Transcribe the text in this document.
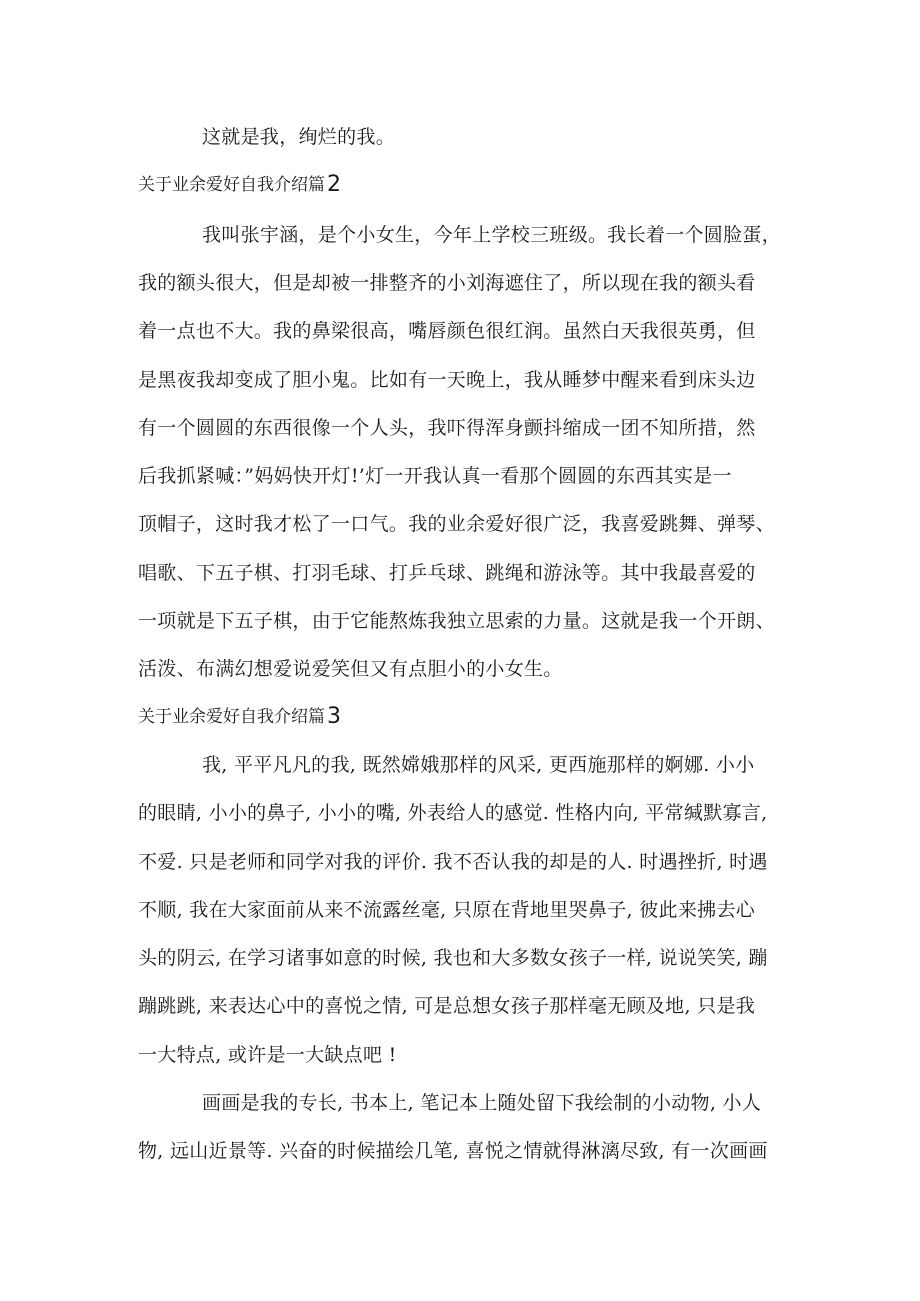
这就是我，绚烂的我。
关于业余爱好自我介绍篇2
我叫张宇涵，是个小女生，今年上学校三班级。我长着一个圆脸蛋，
我的额头很大，但是却被一排整齐的小刘海遮住了，所以现在我的额头看
着一点也不大。我的鼻梁很高，嘴唇颜色很红润。虽然白天我很英勇，但
是黑夜我却变成了胆小鬼。比如有一天晚上，我从睡梦中醒来看到床头边
有一个圆圆的东西很像一个人头，我吓得浑身颤抖缩成一团不知所措，然
后我抓紧喊：”妈妈快开灯!’灯一开我认真一看那个圆圆的东西其实是一
顶帽子，这时我才松了一口气。我的业余爱好很广泛，我喜爱跳舞、弹琴、
唱歌、下五子棋、打羽毛球、打乒乓球、跳绳和游泳等。其中我最喜爱的
一项就是下五子棋，由于它能熬炼我独立思索的力量。这就是我一个开朗、
活泼、布满幻想爱说爱笑但又有点胆小的小女生。
关于业余爱好自我介绍篇3
我, 平平凡凡的我, 既然嫦娥那样的风采, 更西施那样的婀娜. 小小
的眼睛, 小小的鼻子, 小小的嘴, 外表给人的感觉. 性格内向, 平常缄默寡言,
不爱. 只是老师和同学对我的评价. 我不否认我的却是的人. 时遇挫折, 时遇
不顺, 我在大家面前从来不流露丝毫, 只原在背地里哭鼻子, 彼此来拂去心
头的阴云, 在学习诸事如意的时候, 我也和大多数女孩子一样, 说说笑笑, 蹦
蹦跳跳, 来表达心中的喜悦之情, 可是总想女孩子那样毫无顾及地, 只是我
一大特点, 或许是一大缺点吧 !
画画是我的专长, 书本上, 笔记本上随处留下我绘制的小动物, 小人
物, 远山近景等. 兴奋的时候描绘几笔, 喜悦之情就得淋漓尽致, 有一次画画
